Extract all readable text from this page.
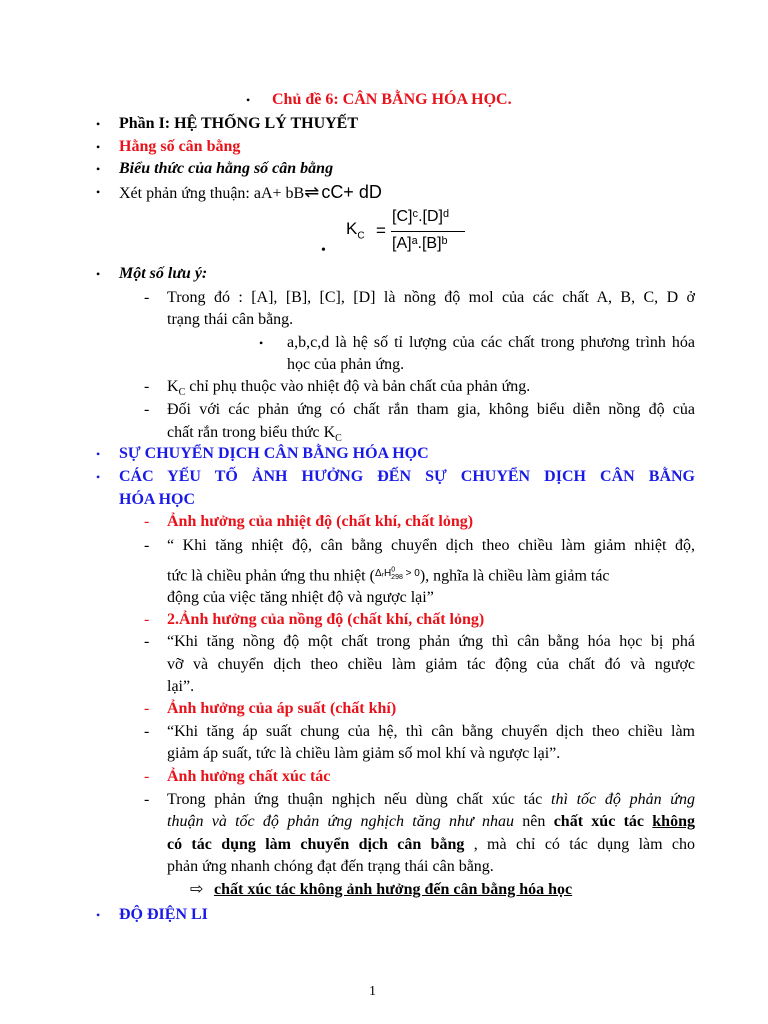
• Chủ đề 6: CÂN BẰNG HÓA HỌC.
• Phần I: HỆ THỐNG LÝ THUYẾT
• Hằng số cân bằng
• Biểu thức của hằng số cân bằng
• Xét phản ứng thuận: aA+ bB⇌ cC+ dD
•
$K_C$ =
[C]ᶜ.[D]ᵈ
[A]ᵃ.[B]ᵇ
• Một số lưu ý:
- Trong đó : [A], [B], [C], [D] là nồng độ mol của các chất A, B, C, D ở
trạng thái cân bằng.
• a,b,c,d là hệ số tỉ lượng của các chất trong phương trình hóa
học của phản ứng.
- $K_C$ chỉ phụ thuộc vào nhiệt độ và bản chất của phản ứng.
- Đối với các phản ứng có chất rắn tham gia, không biểu diễn nồng độ của
chất rắn trong biểu thức $K_C$
• SỰ CHUYỂN DỊCH CÂN BẰNG HÓA HỌC
• CÁC YẾU TỐ ẢNH HƯỞNG ĐẾN SỰ CHUYỂN DỊCH CÂN BẰNG
HÓA HỌC
- Ảnh hưởng của nhiệt độ (chất khí, chất lỏng)
- “ Khi tăng nhiệt độ, cân bằng chuyển dịch theo chiều làm giảm nhiệt độ,
tức là chiều phản ứng thu nhiệt ($^{\Delta ᵣH^0_{298} > 0}$), nghĩa là chiều làm giảm tác
động của việc tăng nhiệt độ và ngược lại”
- 2.Ảnh hưởng của nồng độ (chất khí, chất lỏng)
- “Khi tăng nồng độ một chất trong phản ứng thì cân bằng hóa học bị phá
vỡ và chuyển dịch theo chiều làm giảm tác động của chất đó và ngược
lại”.
- Ảnh hưởng của áp suất (chất khí)
- “Khi tăng áp suất chung của hệ, thì cân bằng chuyển dịch theo chiều làm
giảm áp suất, tức là chiều làm giảm số mol khí và ngược lại”.
- Ảnh hưởng chất xúc tác
- Trong phản ứng thuận nghịch nếu dùng chất xúc tác thì tốc độ phản ứng
thuận và tốc độ phản ứng nghịch tăng như nhau nên chất xúc tác không
có tác dụng làm chuyển dịch cân bằng , mà chỉ có tác dụng làm cho
phản ứng nhanh chóng đạt đến trạng thái cân bằng.
⇨ chất xúc tác không ảnh hưởng đến cân bằng hóa học
• ĐỘ ĐIỆN LI
1
